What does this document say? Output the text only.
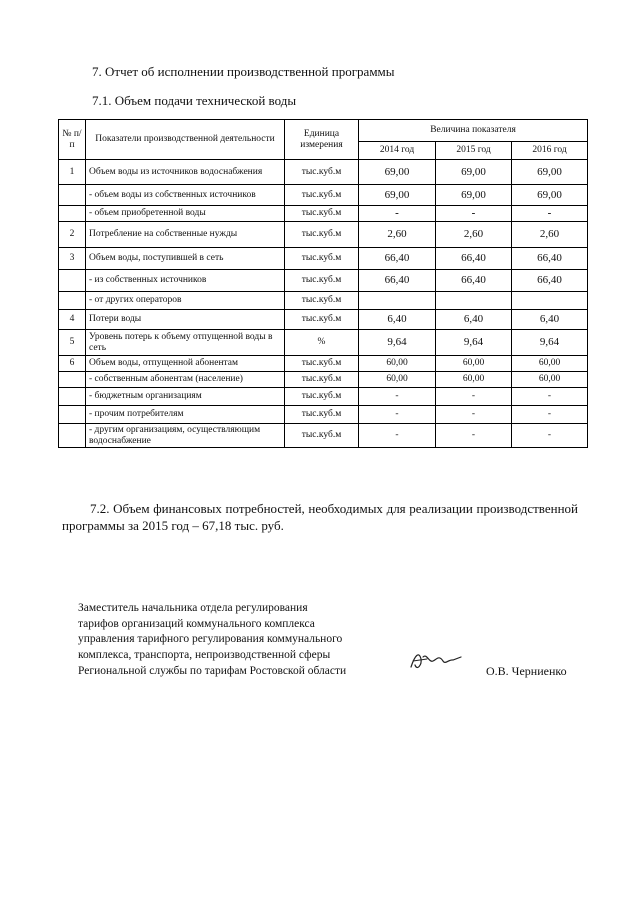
7. Отчет об исполнении производственной программы
7.1. Объем подачи технической воды
№ п/п	Показатели производственной деятельности	Единица измерения	Величина показателя		
			2014 год	2015 год	2016 год
1	Объем воды из источников водоснабжения	тыс.куб.м	69,00	69,00	69,00
	- объем воды из собственных источников	тыс.куб.м	69,00	69,00	69,00
	- объем приобретенной воды	тыс.куб.м	-	-	-
2	Потребление на собственные нужды	тыс.куб.м	2,60	2,60	2,60
3	Объем воды, поступившей в сеть	тыс.куб.м	66,40	66,40	66,40
	- из собственных источников	тыс.куб.м	66,40	66,40	66,40
	- от других операторов	тыс.куб.м			
4	Потери воды	тыс.куб.м	6,40	6,40	6,40
5	Уровень потерь к объему отпущенной воды в сеть	%	9,64	9,64	9,64
6	Объем воды, отпущенной абонентам	тыс.куб.м	60,00	60,00	60,00
	- собственным абонентам (население)	тыс.куб.м	60,00	60,00	60,00
	- бюджетным организациям	тыс.куб.м	-	-	-
	- прочим потребителям	тыс.куб.м	-	-	-
	- другим организациям, осуществляющим водоснабжение	тыс.куб.м	-	-	-
7.2. Объем финансовых потребностей, необходимых для реализации производственной программы за 2015 год – 67,18 тыс. руб.
Заместитель начальника отдела регулирования
тарифов организаций коммунального комплекса
управления тарифного регулирования коммунального
комплекса, транспорта, непроизводственной сферы
Региональной службы по тарифам Ростовской области	О.В. Черниенко
